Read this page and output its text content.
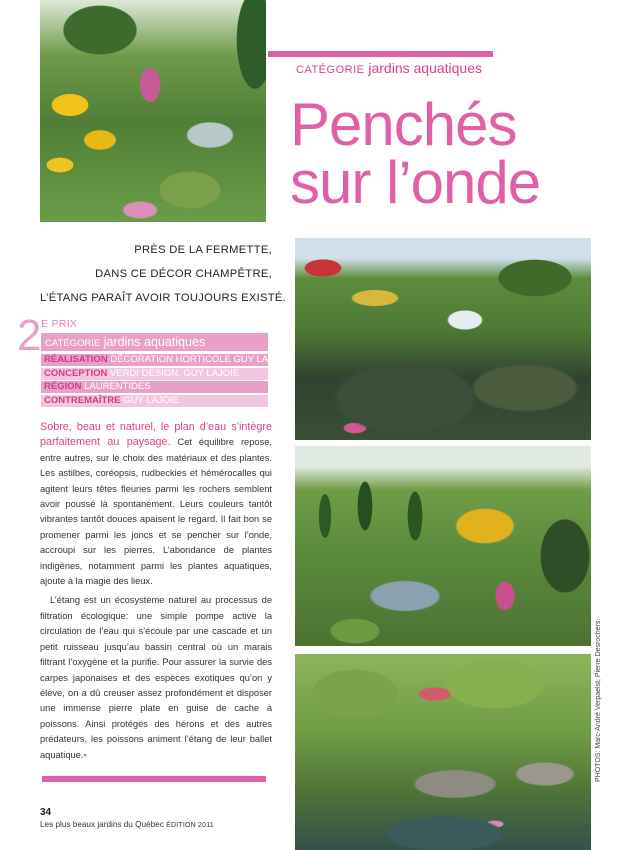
CATÉGORIE jardins aquatiques
Penchés
sur l’onde
PRÈS DE LA FERMETTE,
DANS CE DÉCOR CHAMPÊTRE,
L’ÉTANG PARAÎT AVOIR TOUJOURS EXISTÉ.
2 E PRIX
CATÉGORIE jardins aquatiques
RÉALISATION DÉCORATION HORTICOLE GUY LAJOIE
CONCEPTION VERDI DESIGN, GUY LAJOIE
RÉGION LAURENTIDES
CONTREMAÎTRE GUY LAJOIE

Sobre, beau et naturel, le plan d’eau s’intègre parfaitement au paysage. Cet équilibre repose, entre autres, sur le choix des matériaux et des plantes. Les astilbes, coréopsis, rudbeckies et hémérocalles qui agitent leurs têtes fleuries parmi les rochers semblent avoir poussé là spontanément. Leurs couleurs tantôt vibrantes tantôt douces apaisent le regard. Il fait bon se promener parmi les joncs et se pencher sur l’onde, accroupi sur les pierres. L’abondance de plantes indigènes, notamment parmi les plantes aquatiques, ajoute à la magie des lieux.

L’étang est un écosystème naturel au processus de filtration écologique: une simple pompe active la circulation de l’eau qui s’écoule par une cascade et un petit ruisseau jusqu’au bassin central où un marais filtrant l’oxygène et la purifie. Pour assurer la survie des carpes japonaises et des espèces exotiques qu’on y élève, on a dû creuser assez profondément et disposer une immense pierre plate en guise de cache à poissons. Ainsi protégés des hérons et des autres prédateurs, les poissons animent l’étang de leur ballet aquatique.▪

34
Les plus beaux jardins du Québec ÉDITION 2011
PHOTOS: Marc-André Verpaelst, Pierre Desrochers.
